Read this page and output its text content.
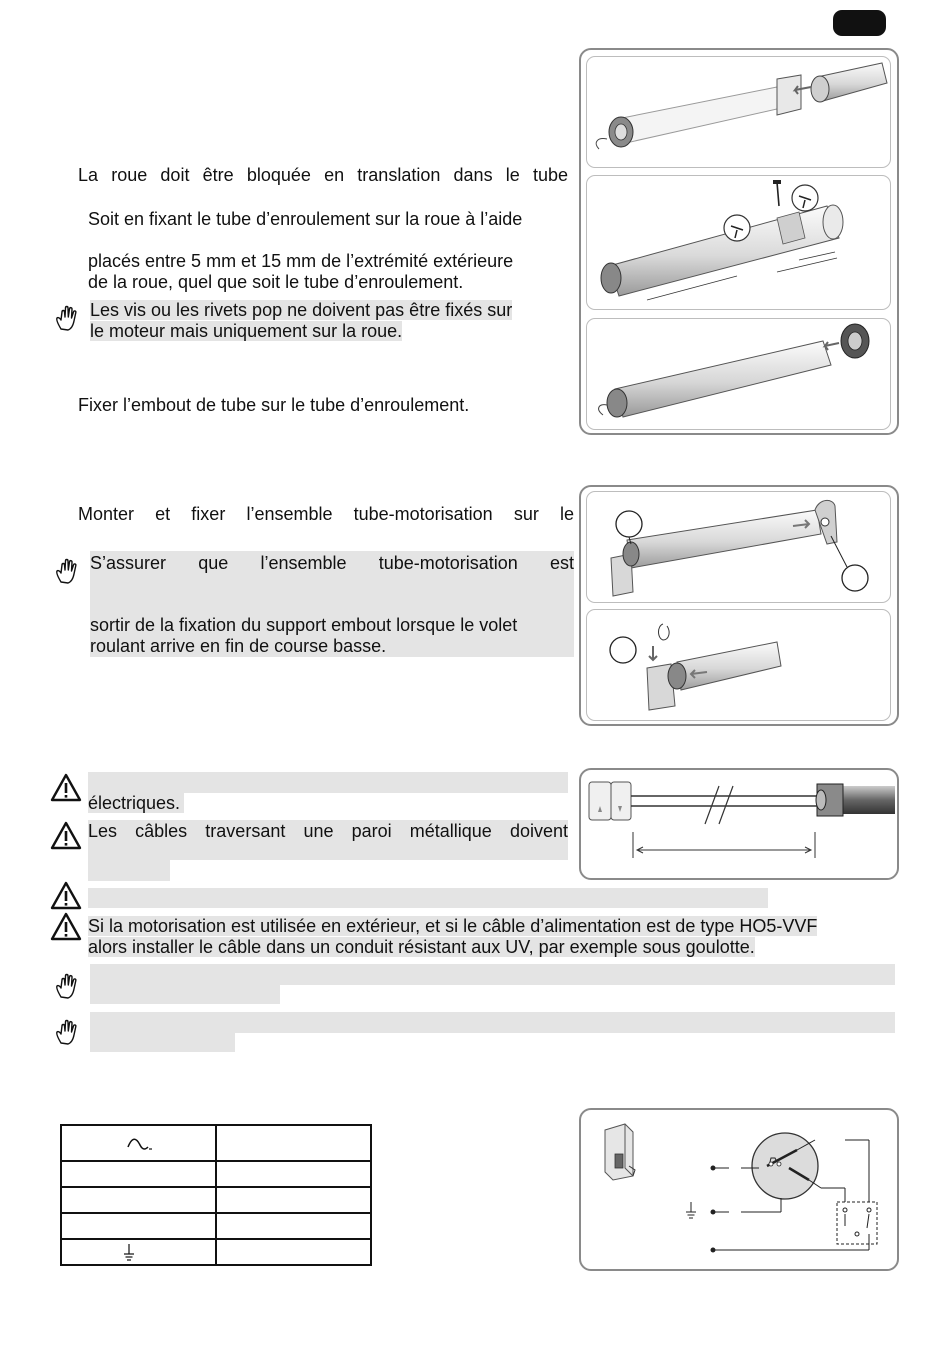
La roue doit être bloquée en translation dans le tube
Soit en fixant le tube d’enroulement sur la roue à l’aide
placés entre 5 mm et 15 mm de l’extrémité extérieure
de la roue, quel que soit le tube d’enroulement.
Les vis ou les rivets pop ne doivent pas être fixés sur
le moteur mais uniquement sur la roue.
Fixer l’embout de tube sur le tube d’enroulement.
Monter et fixer l’ensemble tube-motorisation sur le
S’assurer que l’ensemble tube-motorisation est
sortir de la fixation du support embout lorsque le volet
roulant arrive en fin de course basse.
électriques.
Les câbles traversant une paroi métallique doivent
Si la motorisation est utilisée en extérieur, et si le câble d’alimentation est de type HO5-VVF
alors installer le câble dans un conduit résistant aux UV, par exemple sous goulotte.
